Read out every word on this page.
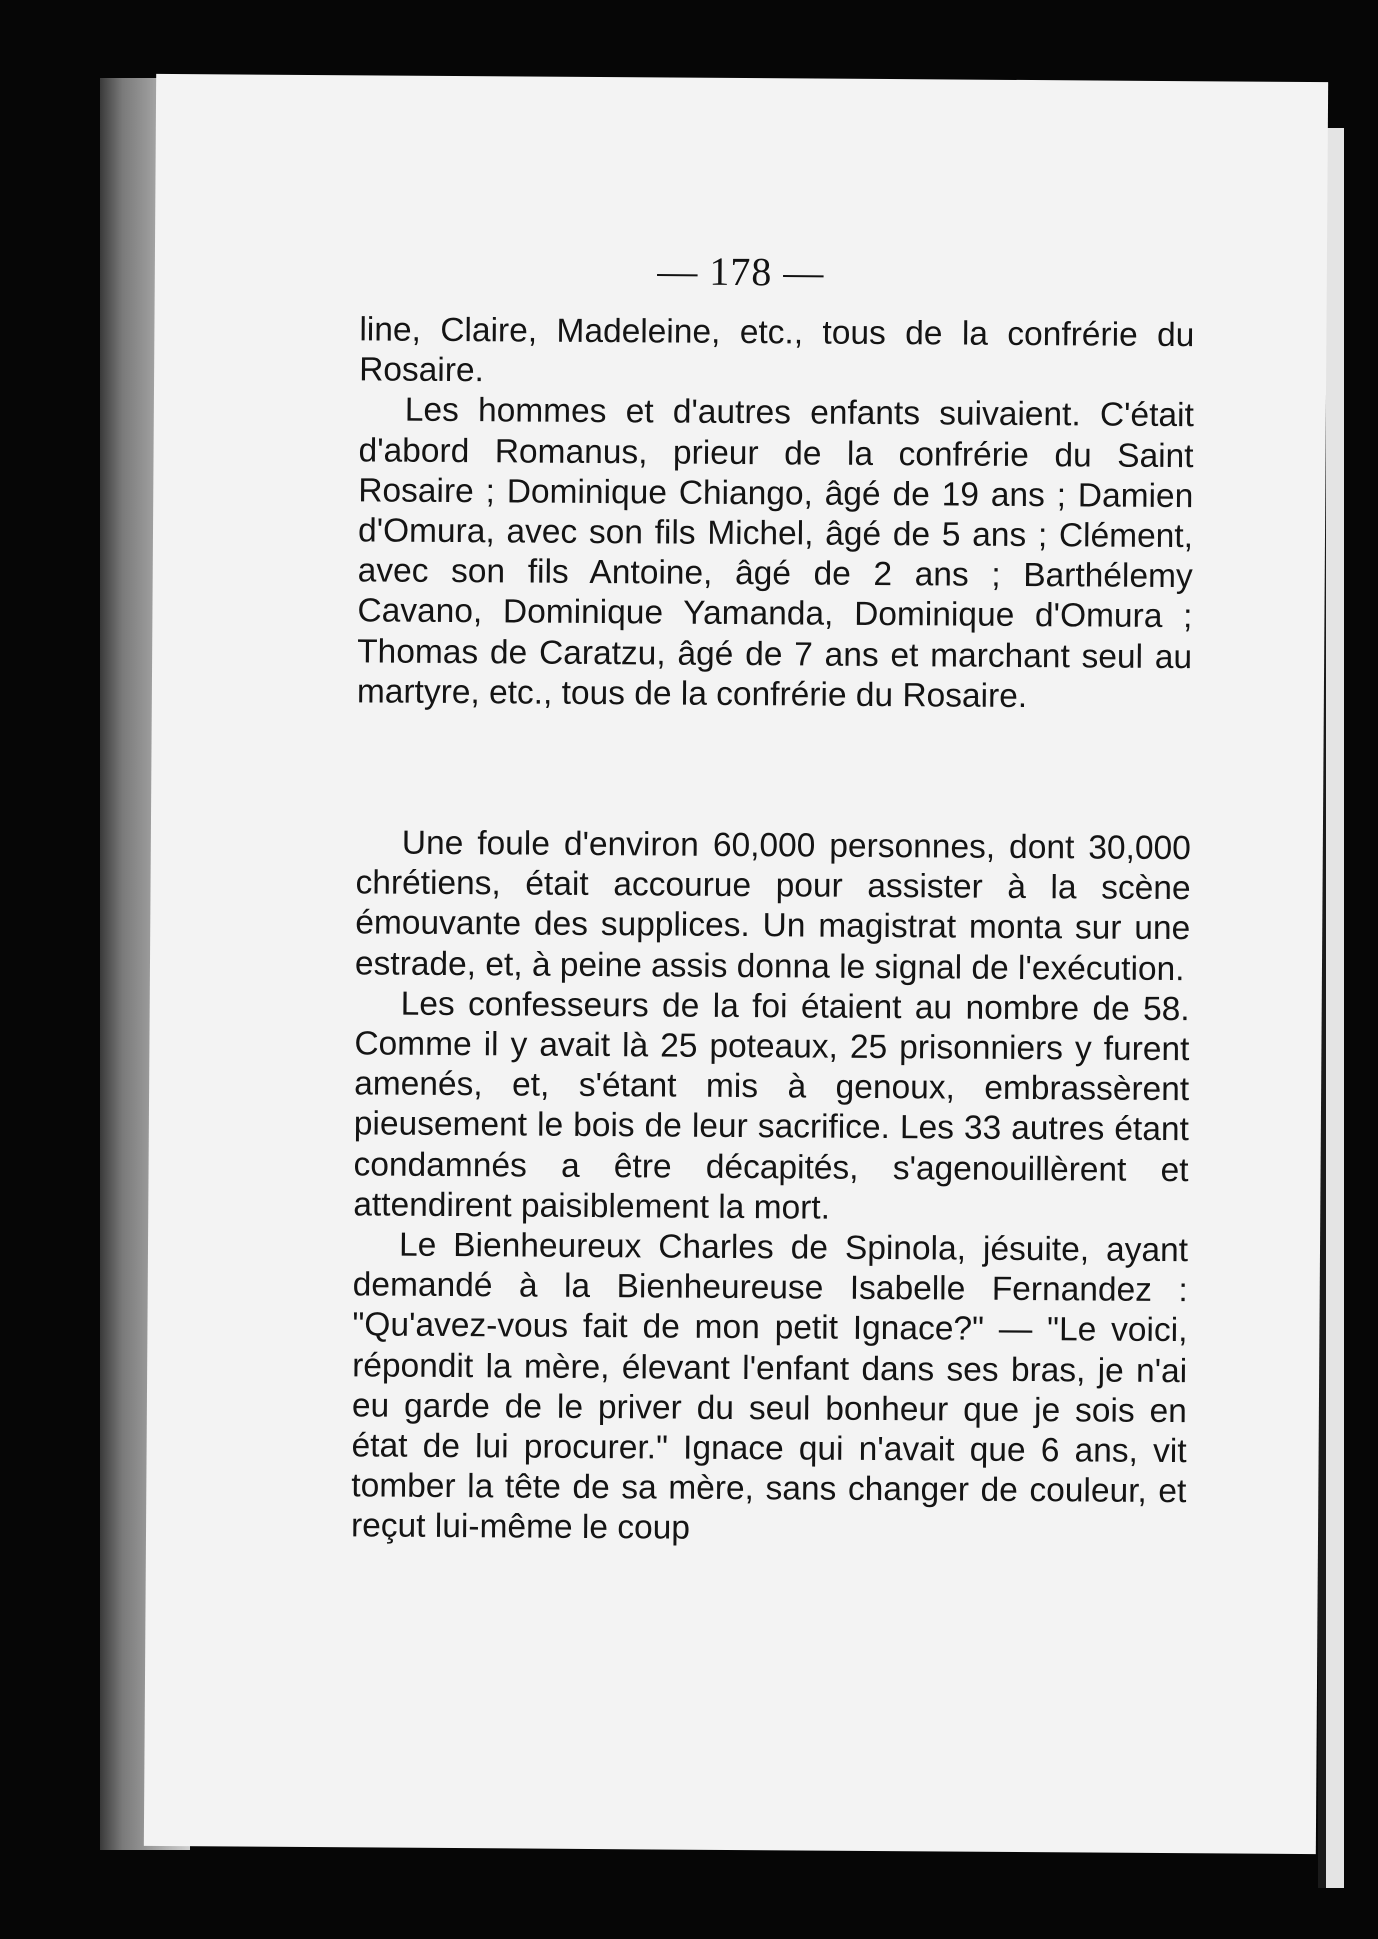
— 178 —

line, Claire, Madeleine, etc., tous de la confrérie du Rosaire.

Les hommes et d'autres enfants suivaient. C'était d'abord Romanus, prieur de la confrérie du Saint Rosaire ; Dominique Chiango, âgé de 19 ans ; Damien d'Omura, avec son fils Michel, âgé de 5 ans ; Clément, avec son fils Antoine, âgé de 2 ans ; Barthélemy Cavano, Dominique Yamanda, Dominique d'Omura ; Thomas de Caratzu, âgé de 7 ans et marchant seul au martyre, etc., tous de la confrérie du Rosaire.

Une foule d'environ 60,000 personnes, dont 30,000 chrétiens, était accourue pour assister à la scène émouvante des supplices. Un magistrat monta sur une estrade, et, à peine assis donna le signal de l'exécution.

Les confesseurs de la foi étaient au nombre de 58. Comme il y avait là 25 poteaux, 25 prisonniers y furent amenés, et, s'étant mis à genoux, embrassèrent pieusement le bois de leur sacrifice. Les 33 autres étant condamnés a être décapités, s'agenouillèrent et attendirent paisiblement la mort.

Le Bienheureux Charles de Spinola, jésuite, ayant demandé à la Bienheureuse Isabelle Fernandez : "Qu'avez-vous fait de mon petit Ignace?" — "Le voici, répondit la mère, élevant l'enfant dans ses bras, je n'ai eu garde de le priver du seul bonheur que je sois en état de lui procurer." Ignace qui n'avait que 6 ans, vit tomber la tête de sa mère, sans changer de couleur, et reçut lui-même le coup
